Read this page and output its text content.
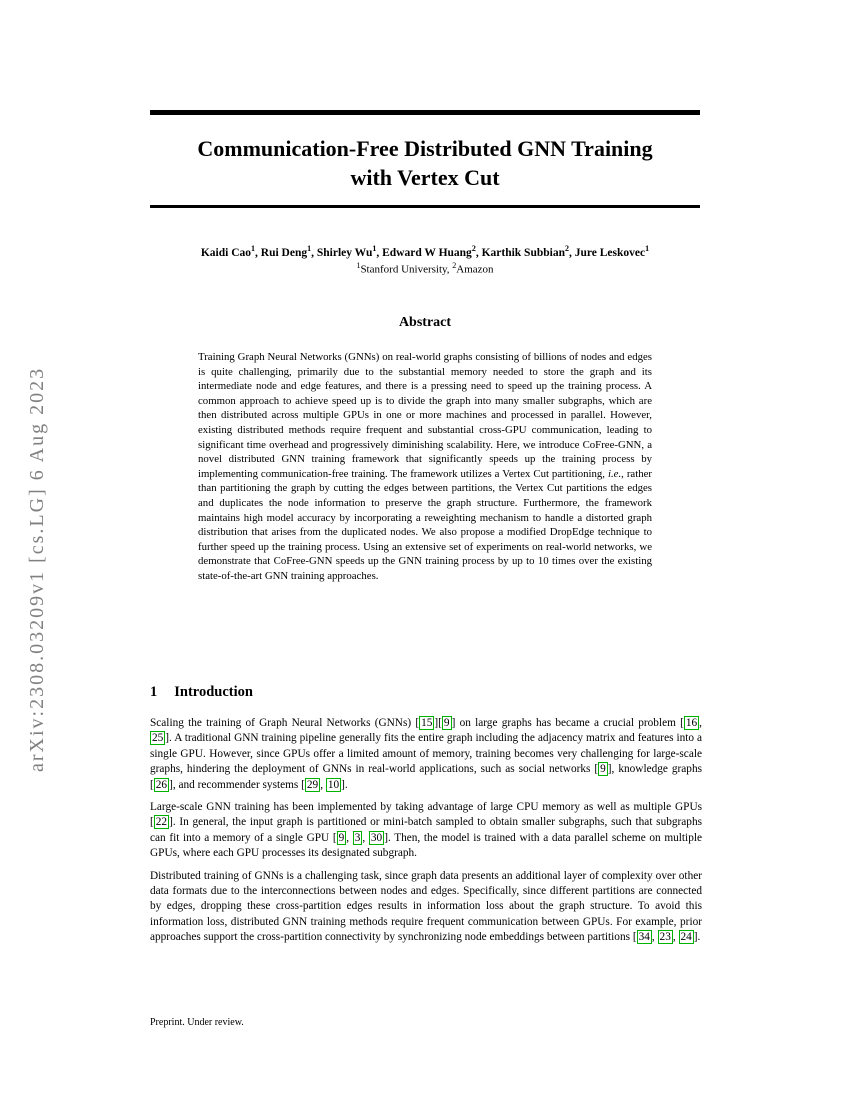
arXiv:2308.03209v1 [cs.LG] 6 Aug 2023
Communication-Free Distributed GNN Training
with Vertex Cut
Kaidi Cao$^1$, Rui Deng$^1$, Shirley Wu$^1$, Edward W Huang$^2$, Karthik Subbian$^2$, Jure Leskovec$^1$
$^1$Stanford University, $^2$Amazon
Abstract

Training Graph Neural Networks (GNNs) on real-world graphs consisting of billions of nodes and edges is quite challenging, primarily due to the substantial memory needed to store the graph and its intermediate node and edge features, and there is a pressing need to speed up the training process. A common approach to achieve speed up is to divide the graph into many smaller subgraphs, which are then distributed across multiple GPUs in one or more machines and processed in parallel. However, existing distributed methods require frequent and substantial cross-GPU communication, leading to significant time overhead and progressively diminishing scalability. Here, we introduce CoFree-GNN, a novel distributed GNN training framework that significantly speeds up the training process by implementing communication-free training. The framework utilizes a Vertex Cut partitioning, i.e., rather than partitioning the graph by cutting the edges between partitions, the Vertex Cut partitions the edges and duplicates the node information to preserve the graph structure. Furthermore, the framework maintains high model accuracy by incorporating a reweighting mechanism to handle a distorted graph distribution that arises from the duplicated nodes. We also propose a modified DropEdge technique to further speed up the training process. Using an extensive set of experiments on real-world networks, we demonstrate that CoFree-GNN speeds up the GNN training process by up to 10 times over the existing state-of-the-art GNN training approaches.

1 Introduction

Scaling the training of Graph Neural Networks (GNNs) [ 15 ][ 9 ] on large graphs has became a crucial problem [ 16 , 25 ]. A traditional GNN training pipeline generally fits the entire graph including the adjacency matrix and features into a single GPU. However, since GPUs offer a limited amount of memory, training becomes very challenging for large-scale graphs, hindering the deployment of GNNs in real-world applications, such as social networks [ 9 ], knowledge graphs [ 26 ], and recommender systems [ 29 , 10 ].

Large-scale GNN training has been implemented by taking advantage of large CPU memory as well as multiple GPUs [ 22 ]. In general, the input graph is partitioned or mini-batch sampled to obtain smaller subgraphs, such that subgraphs can fit into a memory of a single GPU [ 9 , 3 , 30 ]. Then, the model is trained with a data parallel scheme on multiple GPUs, where each GPU processes its designated subgraph.

Distributed training of GNNs is a challenging task, since graph data presents an additional layer of complexity over other data formats due to the interconnections between nodes and edges. Specifically, since different partitions are connected by edges, dropping these cross-partition edges results in information loss about the graph structure. To avoid this information loss, distributed GNN training methods require frequent communication between GPUs. For example, prior approaches support the cross-partition connectivity by synchronizing node embeddings between partitions [ 34 , 23 , 24 ].

Preprint. Under review.
